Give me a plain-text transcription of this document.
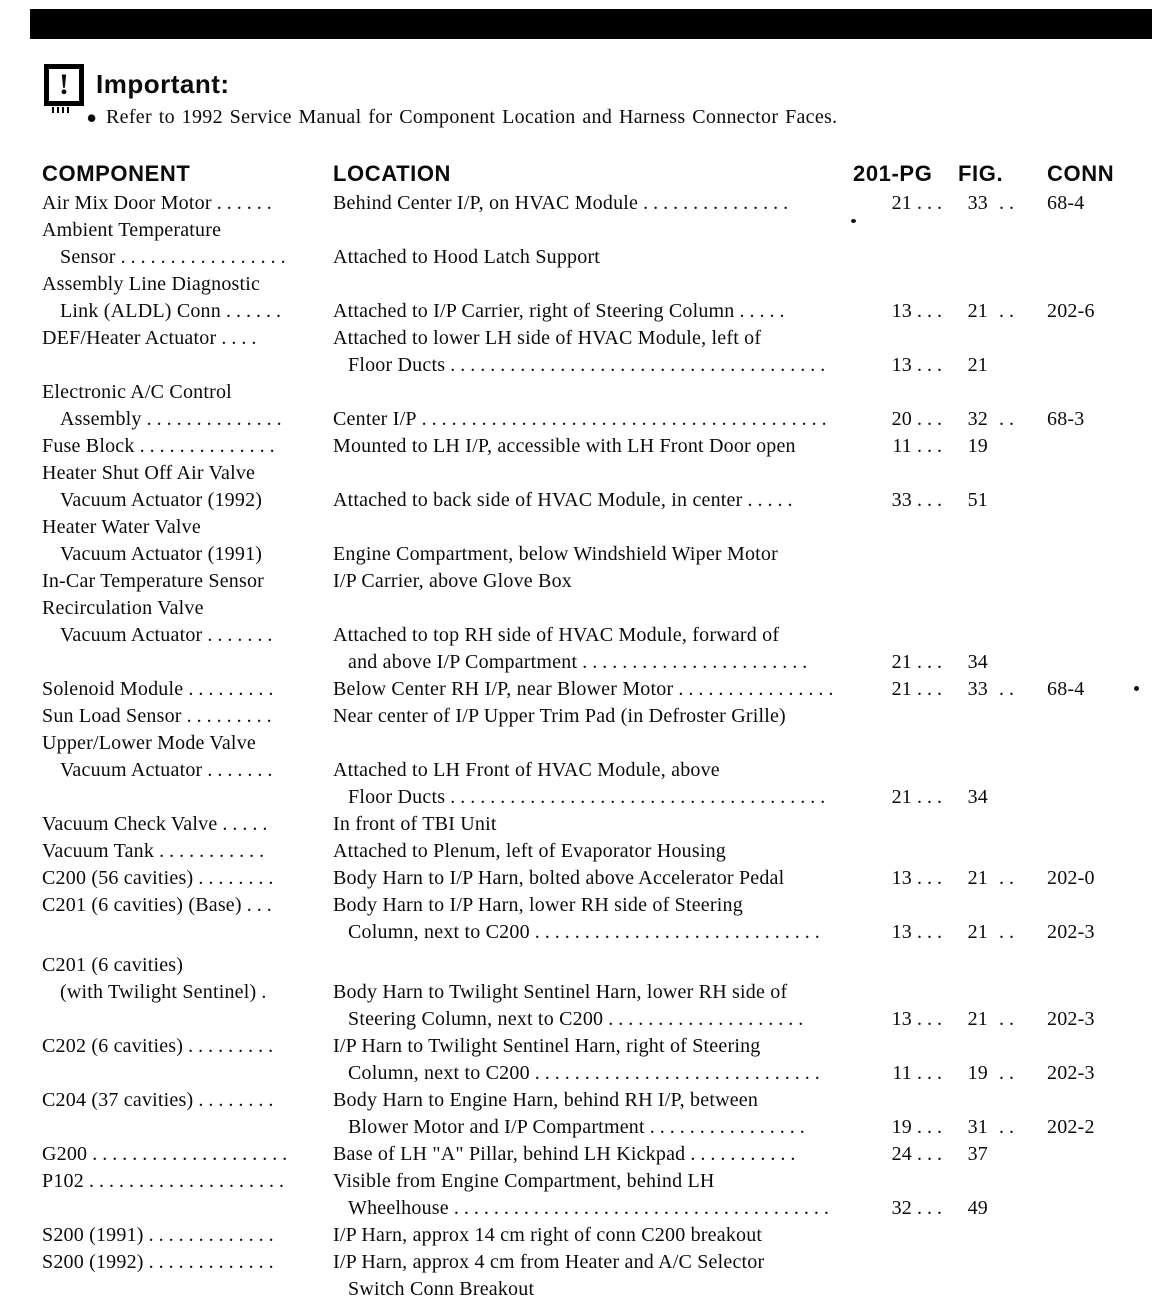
! Important:
• Refer to 1992 Service Manual for Component Location and Harness Connector Faces.
COMPONENT	LOCATION	201-PG FIG. CONN
Air Mix Door Motor ......	Behind Center I/P, on HVAC Module ...............	21 ...	33 ..	68-4
Ambient Temperature
Sensor .................	Attached to Hood Latch Support
Assembly Line Diagnostic
Link (ALDL) Conn ......	Attached to I/P Carrier, right of Steering Column .....	13 ...	21 ..	202-6
DEF/Heater Actuator ....	Attached to lower LH side of HVAC Module, left of
Floor Ducts ......................................	13 ...	21
Electronic A/C Control
Assembly ..............	Center I/P .........................................	20 ...	32 ..	68-3
Fuse Block ..............	Mounted to LH I/P, accessible with LH Front Door open	11 ...	19
Heater Shut Off Air Valve
Vacuum Actuator (1992)	Attached to back side of HVAC Module, in center .....	33 ...	51
Heater Water Valve
Vacuum Actuator (1991)	Engine Compartment, below Windshield Wiper Motor
In-Car Temperature Sensor	I/P Carrier, above Glove Box
Recirculation Valve
Vacuum Actuator .......	Attached to top RH side of HVAC Module, forward of
and above I/P Compartment .......................	21 ...	34
Solenoid Module .........	Below Center RH I/P, near Blower Motor ................	21 ...	33 ..	68-4
Sun Load Sensor .........	Near center of I/P Upper Trim Pad (in Defroster Grille)
Upper/Lower Mode Valve
Vacuum Actuator .......	Attached to LH Front of HVAC Module, above
Floor Ducts ......................................	21 ...	34
Vacuum Check Valve .....	In front of TBI Unit
Vacuum Tank ...........	Attached to Plenum, left of Evaporator Housing
C200 (56 cavities) ........	Body Harn to I/P Harn, bolted above Accelerator Pedal	13 ...	21 ..	202-0
C201 (6 cavities) (Base) ...	Body Harn to I/P Harn, lower RH side of Steering
Column, next to C200 .............................	13 ...	21 ..	202-3
C201 (6 cavities)
(with Twilight Sentinel) .	Body Harn to Twilight Sentinel Harn, lower RH side of
Steering Column, next to C200 ....................	13 ...	21 ..	202-3
C202 (6 cavities) .........	I/P Harn to Twilight Sentinel Harn, right of Steering
Column, next to C200 .............................	11 ...	19 ..	202-3
C204 (37 cavities) ........	Body Harn to Engine Harn, behind RH I/P, between
Blower Motor and I/P Compartment ................	19 ...	31 ..	202-2
G200 ....................	Base of LH "A" Pillar, behind LH Kickpad ...........	24 ...	37
P102 ....................	Visible from Engine Compartment, behind LH
Wheelhouse ......................................	32 ...	49
S200 (1991) .............	I/P Harn, approx 14 cm right of conn C200 breakout
S200 (1992) .............	I/P Harn, approx 4 cm from Heater and A/C Selector
Switch Conn Breakout
